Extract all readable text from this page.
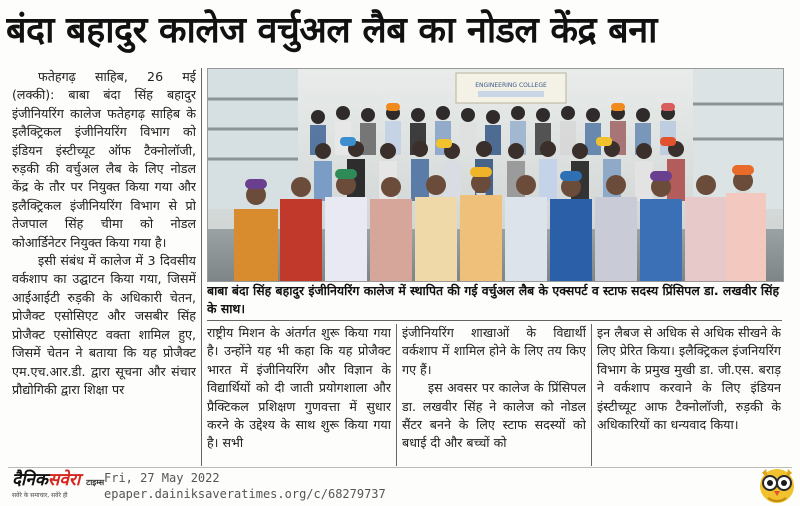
बंदा बहादुर कालेज वर्चुअल लैब का नोडल केंद्र बना

फतेहगढ़ साहिब, 26 मई (लक्की): बाबा बंदा सिंह बहादुर इंजीनियरिंग कालेज फतेहगढ़ साहिब के इलैक्ट्रिकल इंजीनियरिंग विभाग को इंडियन इंस्टीच्यूट ऑफ टैक्नोलॉजी, रुड़की की वर्चुअल लैब के लिए नोडल केंद्र के तौर पर नियुक्त किया गया और इलैक्ट्रिकल इंजीनियरिंग विभाग से प्रो तेजपाल सिंह चीमा को नोडल कोआर्डिनेटर नियुक्त किया गया है।

इसी संबंध में कालेज में 3 दिवसीय वर्कशाप का उद्घाटन किया गया, जिसमें आईआईटी रुड़की के अधिकारी चेतन, प्रोजैक्ट एसोसिएट और जसबीर सिंह प्रोजैक्ट एसोसिएट वक्ता शामिल हुए, जिसमें चेतन ने बताया कि यह प्रोजैक्ट एम.एच.आर.डी. द्वारा सूचना और संचार प्रौद्योगिकी द्वारा शिक्षा पर

ENGINEERING COLLEGE
बाबा बंदा सिंह बहादुर इंजीनियरिंग कालेज में स्थापित की गई वर्चुअल लैब के एक्सपर्ट व स्टाफ सदस्य प्रिंसिपल डा. लखवीर सिंह के साथ।

राष्ट्रीय मिशन के अंतर्गत शुरू किया गया है। उन्होंने यह भी कहा कि यह प्रोजैक्ट भारत में इंजीनियरिंग और विज्ञान के विद्यार्थियों को दी जाती प्रयोगशाला और प्रैक्टिकल प्रशिक्षण गुणवत्ता में सुधार करने के उद्देश्य के साथ शुरू किया गया है। सभी

इंजीनियरिंग शाखाओं के विद्यार्थी वर्कशाप में शामिल होने के लिए तय किए गए हैं।

इस अवसर पर कालेज के प्रिंसिपल डा. लखवीर सिंह ने कालेज को नोडल सैंटर बनने के लिए स्टाफ सदस्यों को बधाई दी और बच्चों को

इन लैबज से अधिक से अधिक सीखने के लिए प्रेरित किया। इलैक्ट्रिकल इंजनियरिंग विभाग के प्रमुख मुखी डा. जी.एस. बराड़ ने वर्कशाप करवाने के लिए इंडियन इंस्टीच्यूट आफ टैक्नोलॉजी, रुड़की के अधिकारियों का धन्यवाद किया।

दैनिकसवेरा टाइम्स
सवेरे के समाचार, सवेरे ही
Fri, 27 May 2022
epaper.dainiksaveratimes.org/c/68279737
